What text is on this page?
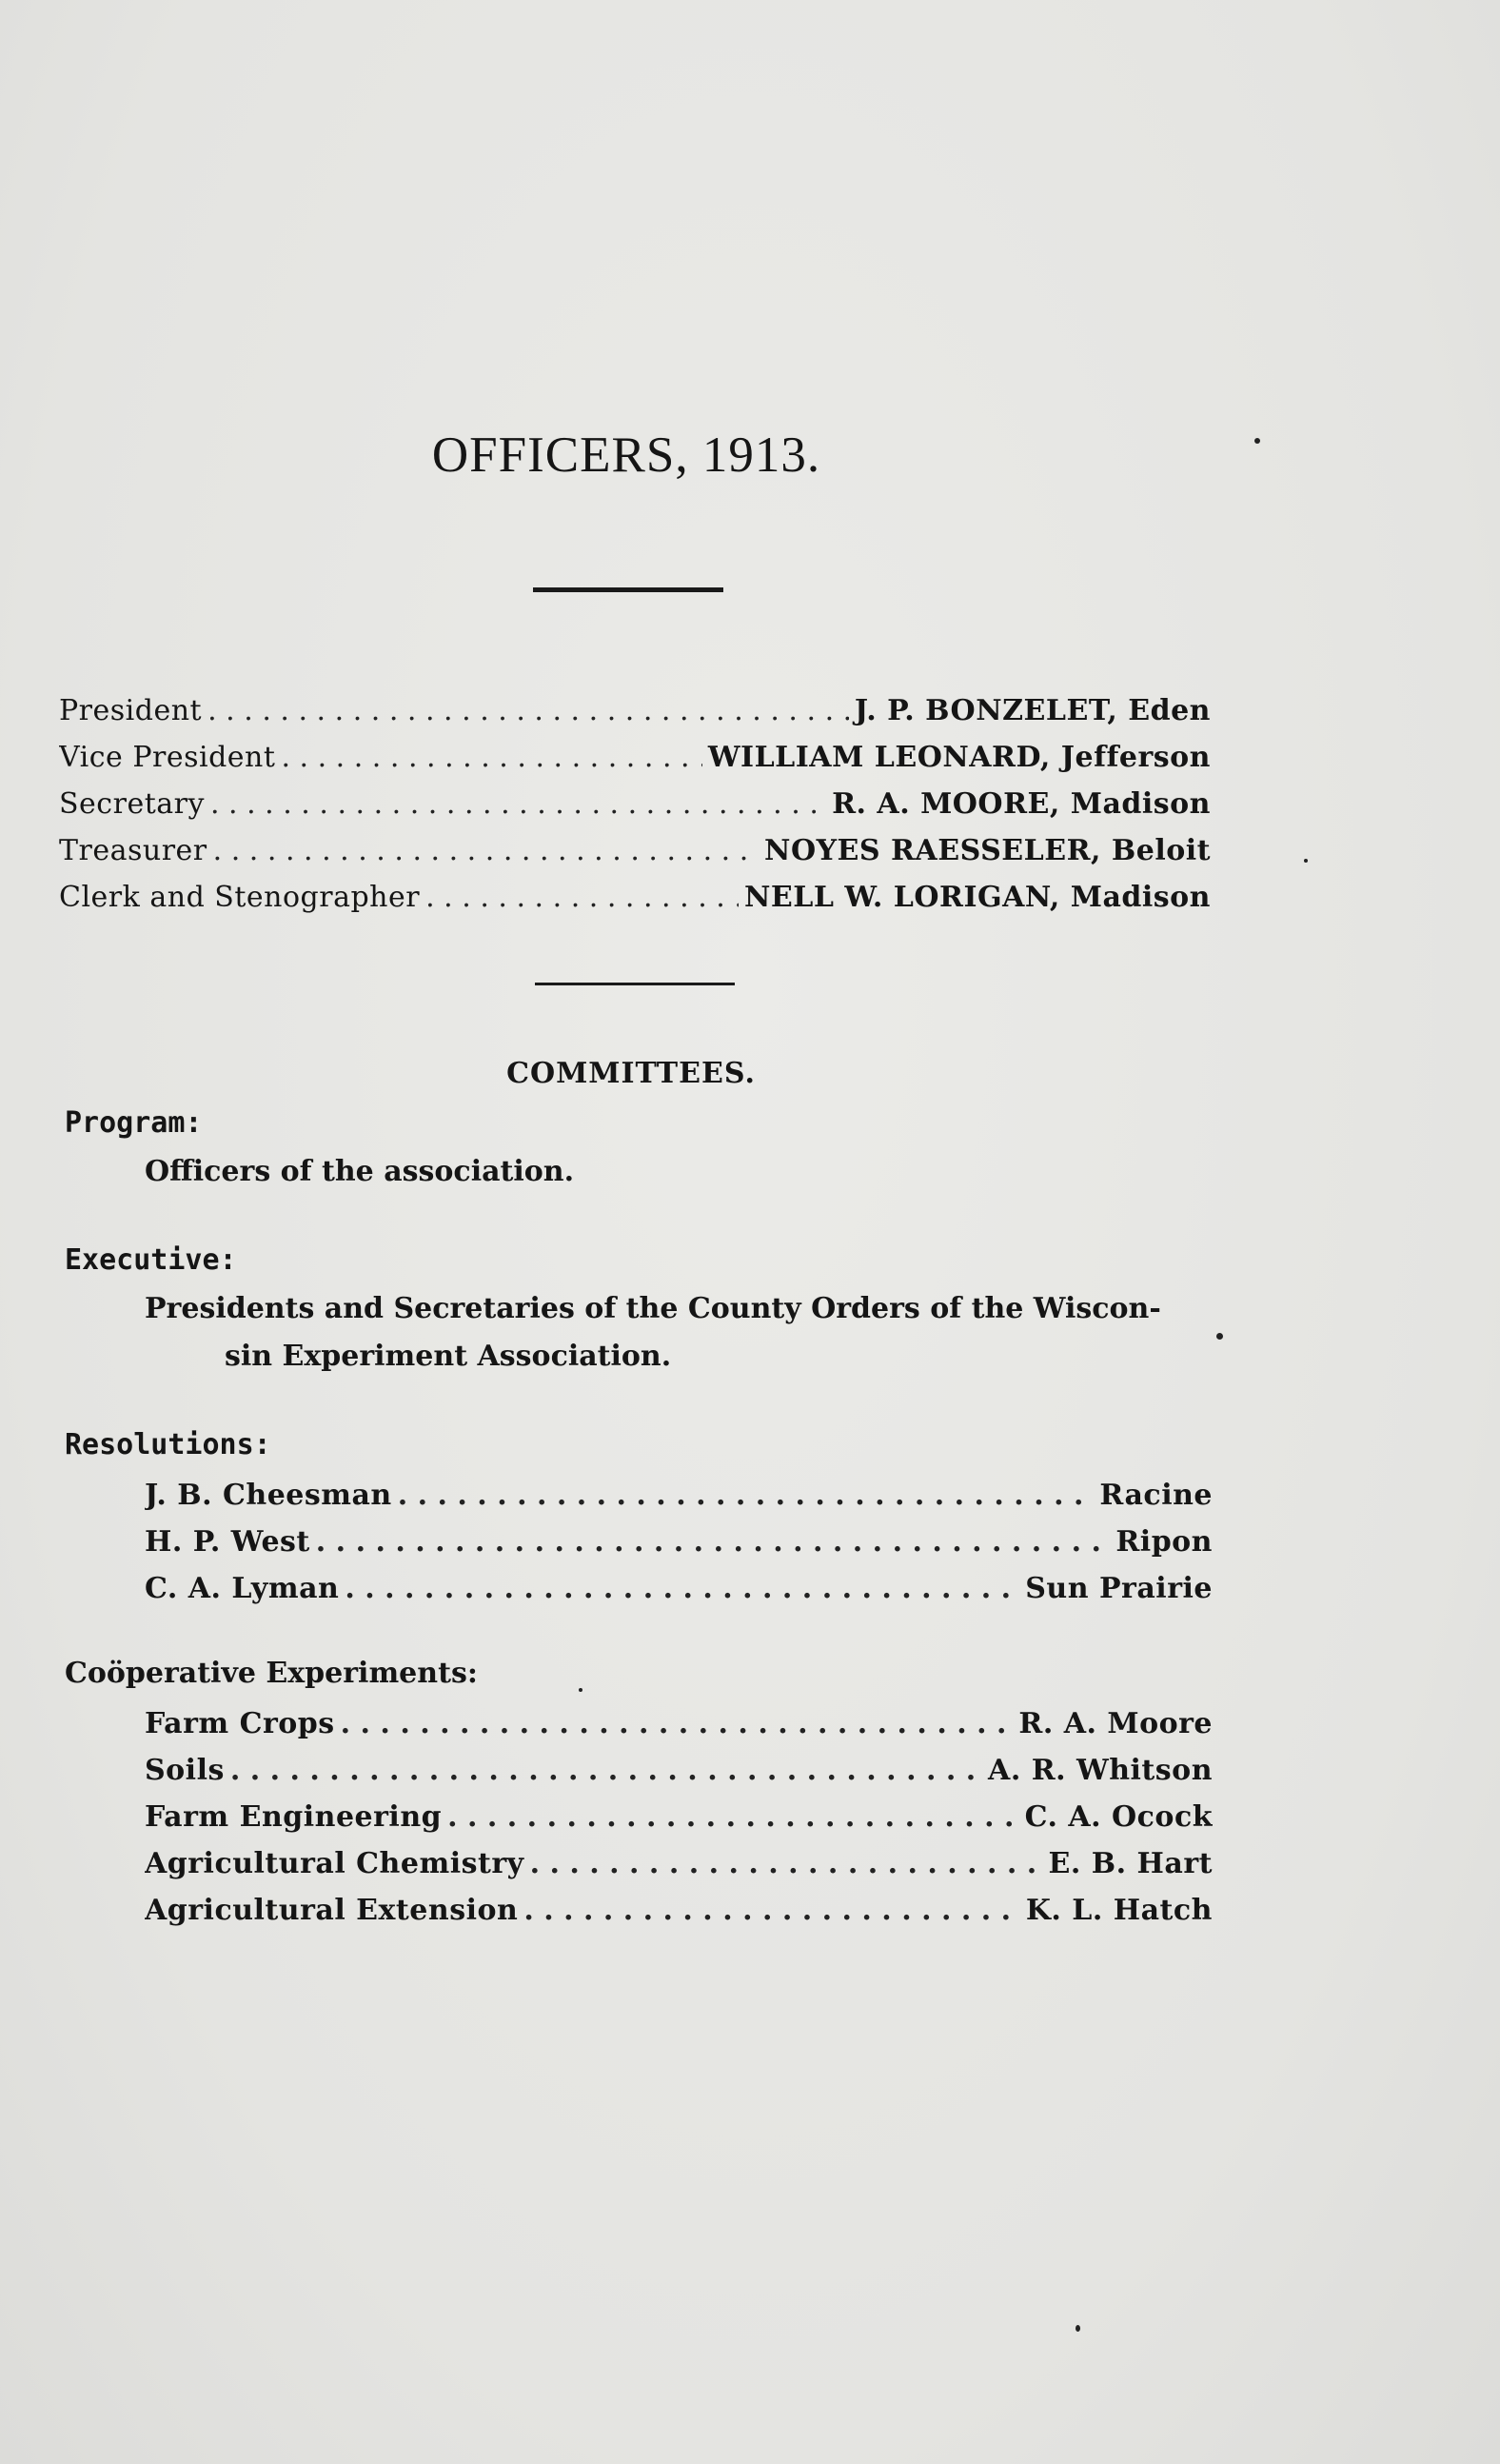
OFFICERS, 1913.
President . . .	J. P. BONZELET, Eden
Vice President . . .	WILLIAM LEONARD, Jefferson
Secretary . . .	R. A. MOORE, Madison
Treasurer . . .	NOYES RAESSELER, Beloit
Clerk and Stenographer . . .	NELL W. LORIGAN, Madison
COMMITTEES.
Program:
Officers of the association.
Executive:
Presidents and Secretaries of the County Orders of the Wiscon-
sin Experiment Association.
Resolutions:
J. B. Cheesman . . .	Racine
H. P. West . . .	Ripon
C. A. Lyman . . .	Sun Prairie
Coöperative Experiments:
Farm Crops . . .	R. A. Moore
Soils . . .	A. R. Whitson
Farm Engineering . . .	C. A. Ocock
Agricultural Chemistry . . .	E. B. Hart
Agricultural Extension . . .	K. L. Hatch
